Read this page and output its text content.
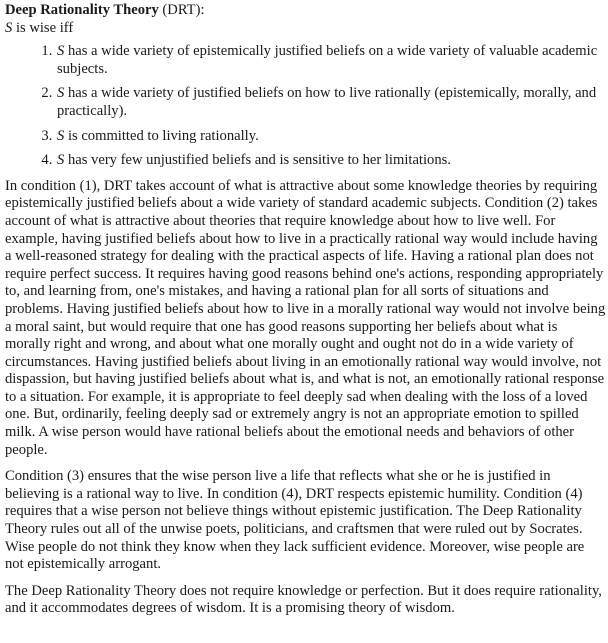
Deep Rationality Theory (DRT):
S is wise iff
1. S has a wide variety of epistemically justified beliefs on a wide variety of valuable academic subjects.
2. S has a wide variety of justified beliefs on how to live rationally (epistemically, morally, and practically).
3. S is committed to living rationally.
4. S has very few unjustified beliefs and is sensitive to her limitations.

In condition (1), DRT takes account of what is attractive about some knowledge theories by requiring epistemically justified beliefs about a wide variety of standard academic subjects. Condition (2) takes account of what is attractive about theories that require knowledge about how to live well. For example, having justified beliefs about how to live in a practically rational way would include having a well-reasoned strategy for dealing with the practical aspects of life. Having a rational plan does not require perfect success. It requires having good reasons behind one's actions, responding appropriately to, and learning from, one's mistakes, and having a rational plan for all sorts of situations and problems. Having justified beliefs about how to live in a morally rational way would not involve being a moral saint, but would require that one has good reasons supporting her beliefs about what is morally right and wrong, and about what one morally ought and ought not do in a wide variety of circumstances. Having justified beliefs about living in an emotionally rational way would involve, not dispassion, but having justified beliefs about what is, and what is not, an emotionally rational response to a situation. For example, it is appropriate to feel deeply sad when dealing with the loss of a loved one. But, ordinarily, feeling deeply sad or extremely angry is not an appropriate emotion to spilled milk. A wise person would have rational beliefs about the emotional needs and behaviors of other people.

Condition (3) ensures that the wise person live a life that reflects what she or he is justified in believing is a rational way to live. In condition (4), DRT respects epistemic humility. Condition (4) requires that a wise person not believe things without epistemic justification. The Deep Rationality Theory rules out all of the unwise poets, politicians, and craftsmen that were ruled out by Socrates. Wise people do not think they know when they lack sufficient evidence. Moreover, wise people are not epistemically arrogant.

The Deep Rationality Theory does not require knowledge or perfection. But it does require rationality, and it accommodates degrees of wisdom. It is a promising theory of wisdom.
